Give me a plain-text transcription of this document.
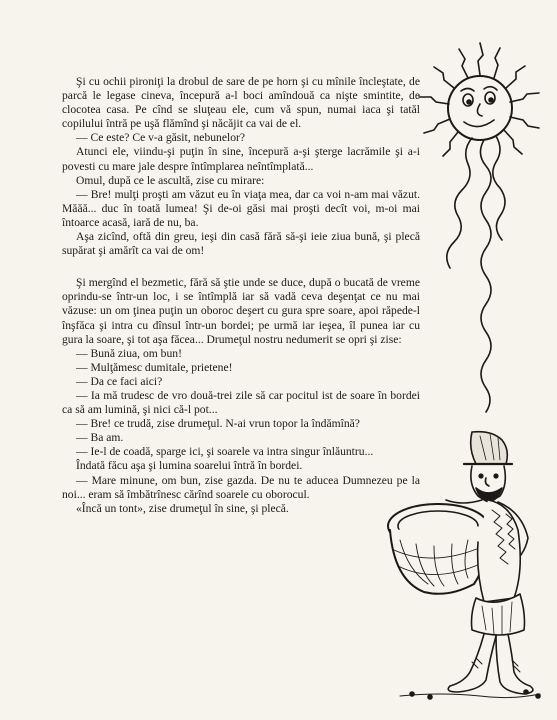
Şi cu ochii pironiţi la drobul de sare de pe horn şi cu mînile încleştate, de parcă le legase cineva, începură a-l boci amîndouă ca nişte smintite, de clocotea casa. Pe cînd se sluţeau ele, cum vă spun, numai iaca şi tatăl copilului întră pe uşă flămînd şi năcăjit ca vai de el.

— Ce este? Ce v-a găsit, nebunelor?

Atunci ele, viindu-şi puţin în sine, începură a-şi şterge lacrămile şi a-i povesti cu mare jale despre întîmplarea neîntîmplată...

Omul, după ce le ascultă, zise cu mirare:

— Bre! mulţi proşti am văzut eu în viaţa mea, dar ca voi n-am mai văzut. Măăă... duc în toată lumea! Şi de-oi găsi mai proşti decît voi, m-oi mai întoarce acasă, iară de nu, ba.

Aşa zicînd, oftă din greu, ieşi din casă fără să-şi ieie ziua bună, şi plecă supărat şi amărît ca vai de om!

Şi mergînd el bezmetic, fără să ştie unde se duce, după o bucată de vreme oprindu-se într-un loc, i se întîmplă iar să vadă ceva deşenţat ce nu mai văzuse: un om ţinea puţin un oboroc deşert cu gura spre soare, apoi răpede-l înşfăca şi intra cu dînsul într-un bordei; pe urmă iar ieşea, îl punea iar cu gura la soare, şi tot aşa făcea... Drumeţul nostru nedumerit se opri şi zise:

— Bună ziua, om bun!

— Mulţămesc dumitale, prietene!

— Da ce faci aici?

— Ia mă trudesc de vro două-trei zile să car pocitul ist de soare în bordei ca să am lumină, şi nici că-l pot...

— Bre! ce trudă, zise drumeţul. N-ai vrun topor la îndămînă?

— Ba am.

— Ie-l de coadă, sparge ici, şi soarele va intra singur înlăuntru...

Îndată făcu aşa şi lumina soarelui întră în bordei.

— Mare minune, om bun, zise gazda. De nu te aducea Dumnezeu pe la noi... eram să îmbătrînesc cărînd soarele cu oborocul.

«Încă un tont», zise drumeţul în sine, şi plecă.
